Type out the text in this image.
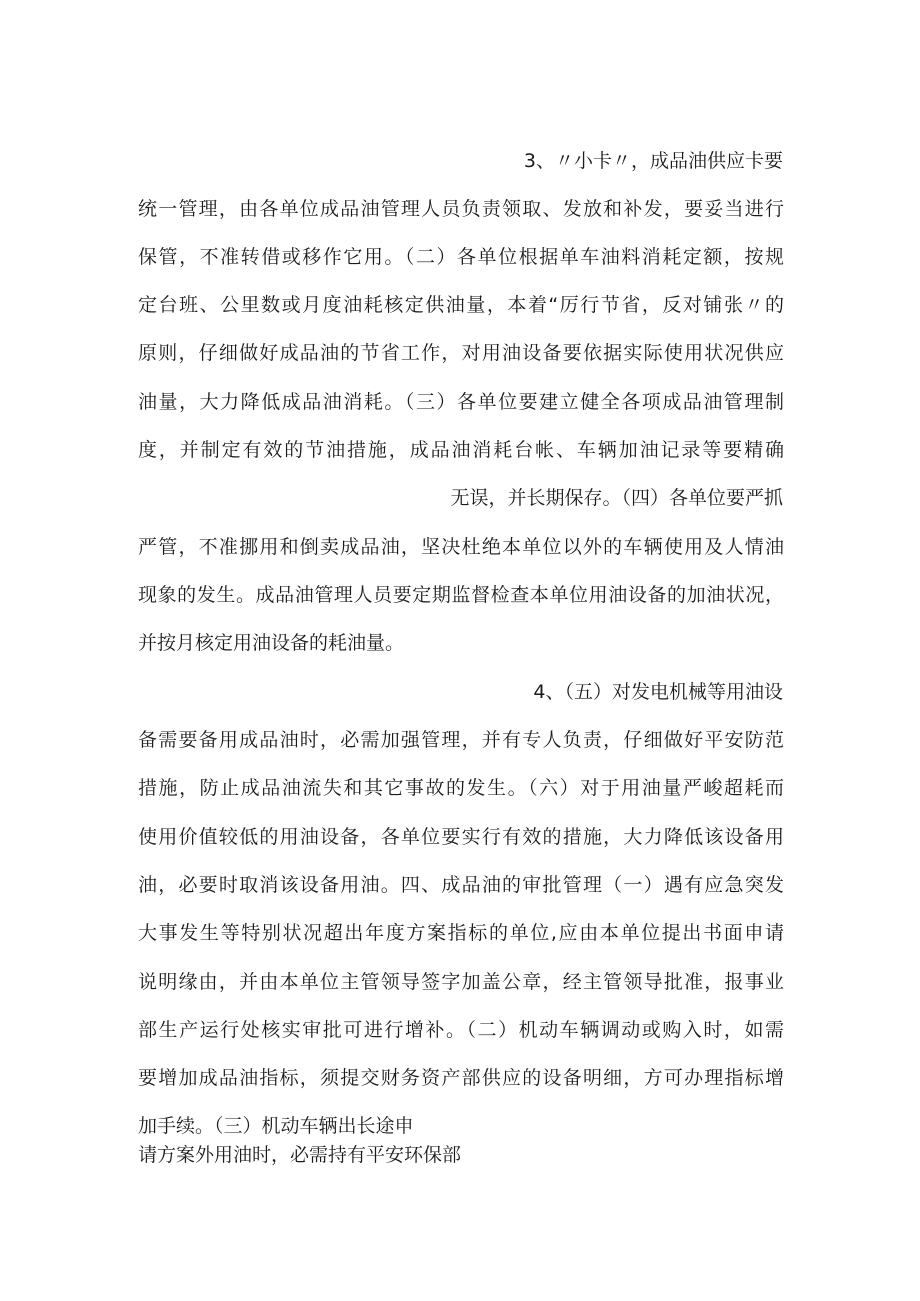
3、〃小卡〃，成品油供应卡要
统一管理，由各单位成品油管理人员负责领取、发放和补发，要妥当进行
保管，不准转借或移作它用。（二）各单位根据单车油料消耗定额，按规
定台班、公里数或月度油耗核定供油量，本着“厉行节省，反对铺张〃的
原则，仔细做好成品油的节省工作，对用油设备要依据实际使用状况供应
油量，大力降低成品油消耗。（三）各单位要建立健全各项成品油管理制
度，并制定有效的节油措施，成品油消耗台帐、车辆加油记录等要精确
无误，并长期保存。（四）各单位要严抓
严管，不准挪用和倒卖成品油，坚决杜绝本单位以外的车辆使用及人情油
现象的发生。成品油管理人员要定期监督检查本单位用油设备的加油状况，
并按月核定用油设备的耗油量。
4、（五）对发电机械等用油设
备需要备用成品油时，必需加强管理，并有专人负责，仔细做好平安防范
措施，防止成品油流失和其它事故的发生。（六）对于用油量严峻超耗而
使用价值较低的用油设备，各单位要实行有效的措施，大力降低该设备用
油，必要时取消该设备用油。四、成品油的审批管理（一）遇有应急突发
大事发生等特别状况超出年度方案指标的单位,应由本单位提出书面申请
说明缘由，并由本单位主管领导签字加盖公章，经主管领导批准，报事业
部生产运行处核实审批可进行增补。（二）机动车辆调动或购入时，如需
要增加成品油指标，须提交财务资产部供应的设备明细，方可办理指标增
加手续。（三）机动车辆出长途申
请方案外用油时，必需持有平安环保部
